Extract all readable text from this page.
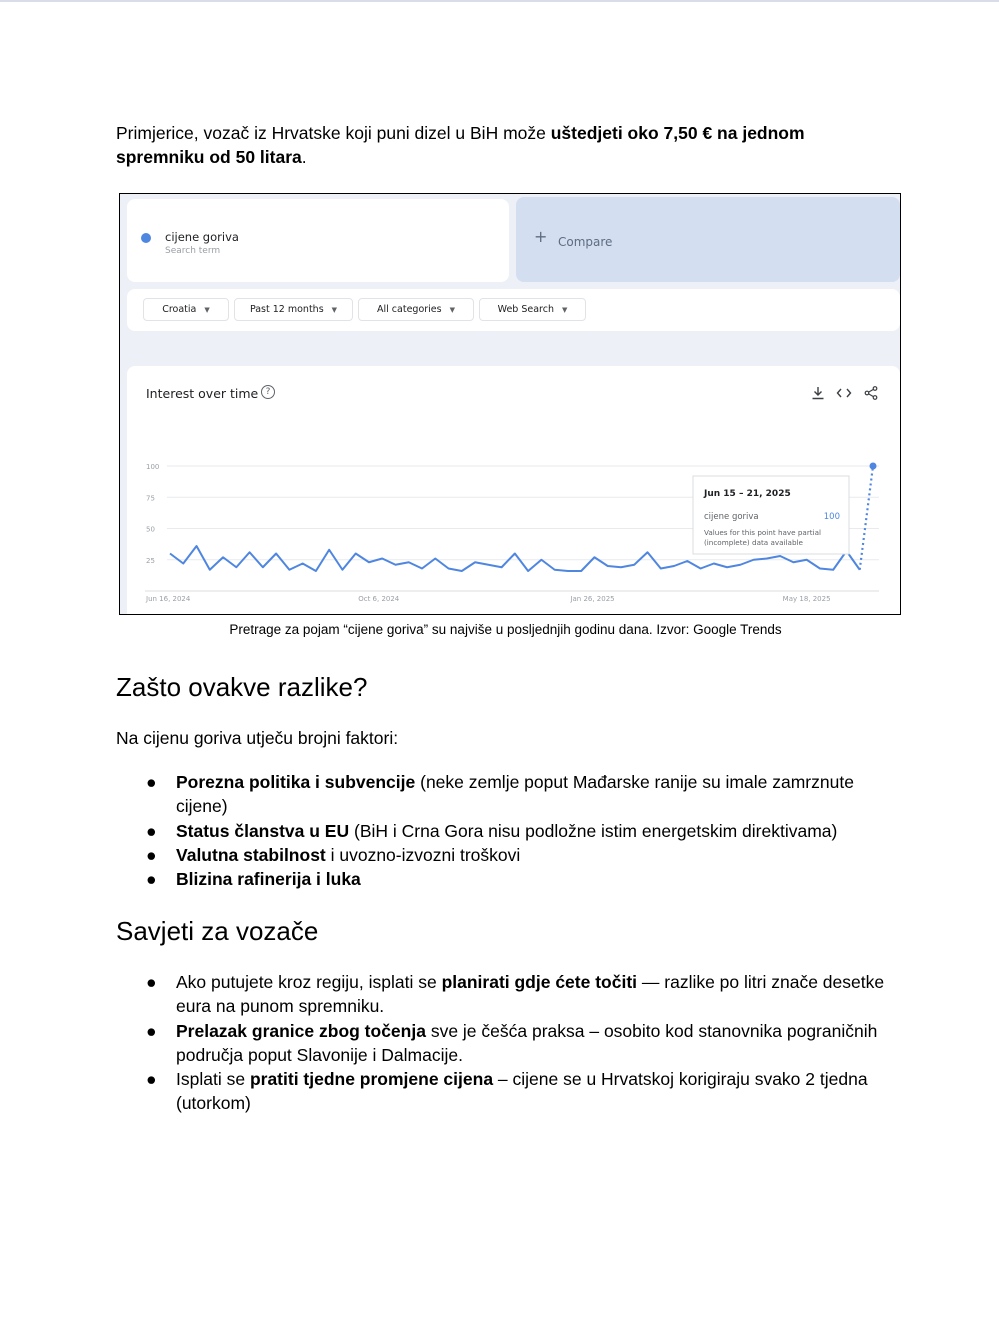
Primjerice, vozač iz Hrvatske koji puni dizel u BiH može uštedjeti oko 7,50 € na jednom spremniku od 50 litara.

cijene goriva
Search term
+ Compare
Croatia ▼	Past 12 months ▼	All categories ▼	Web Search ▼
Interest over time ?
100
75
50
25
Jun 16, 2024	Oct 6, 2024	Jan 26, 2025	May 18, 2025
Jun 15 – 21, 2025
cijene goriva	100
Values for this point have partial
(incomplete) data available
Pretrage za pojam “cijene goriva” su najviše u posljednjih godinu dana. Izvor: Google Trends
Zašto ovakve razlike?
Na cijenu goriva utječu brojni faktori:
● Porezna politika i subvencije (neke zemlje poput Mađarske ranije su imale zamrznute cijene)
● Status članstva u EU (BiH i Crna Gora nisu podložne istim energetskim direktivama)
● Valutna stabilnost i uvozno-izvozni troškovi
● Blizina rafinerija i luka
Savjeti za vozače
● Ako putujete kroz regiju, isplati se planirati gdje ćete točiti — razlike po litri znače desetke eura na punom spremniku.
● Prelazak granice zbog točenja sve je češća praksa – osobito kod stanovnika pograničnih područja poput Slavonije i Dalmacije.
● Isplati se pratiti tjedne promjene cijena – cijene se u Hrvatskoj korigiraju svako 2 tjedna (utorkom)
